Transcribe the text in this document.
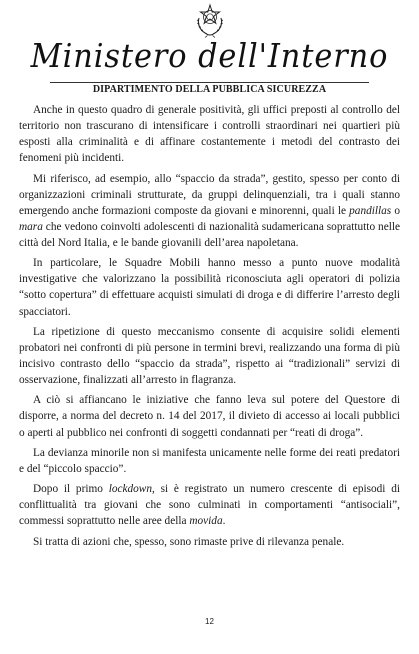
Ministero dell'Interno
DIPARTIMENTO DELLA PUBBLICA SICUREZZA

Anche in questo quadro di generale positività, gli uffici preposti al controllo del territorio non trascurano di intensificare i controlli straordinari nei quartieri più esposti alla criminalità e di affinare costantemente i metodi del contrasto dei fenomeni più incidenti.

Mi riferisco, ad esempio, allo “spaccio da strada”, gestito, spesso per conto di organizzazioni criminali strutturate, da gruppi delinquenziali, tra i quali stanno emergendo anche formazioni composte da giovani e minorenni, quali le pandillas o mara che vedono coinvolti adolescenti di nazionalità sudamericana soprattutto nelle città del Nord Italia, e le bande giovanili dell’area napoletana.

In particolare, le Squadre Mobili hanno messo a punto nuove modalità investigative che valorizzano la possibilità riconosciuta agli operatori di polizia “sotto copertura” di effettuare acquisti simulati di droga e di differire l’arresto degli spacciatori.

La ripetizione di questo meccanismo consente di acquisire solidi elementi probatori nei confronti di più persone in termini brevi, realizzando una forma di più incisivo contrasto dello “spaccio da strada”, rispetto ai “tradizionali” servizi di osservazione, finalizzati all’arresto in flagranza.

A ciò si affiancano le iniziative che fanno leva sul potere del Questore di disporre, a norma del decreto n. 14 del 2017, il divieto di accesso ai locali pubblici o aperti al pubblico nei confronti di soggetti condannati per “reati di droga”.

La devianza minorile non si manifesta unicamente nelle forme dei reati predatori e del “piccolo spaccio”.

Dopo il primo lockdown, si è registrato un numero crescente di episodi di conflittualità tra giovani che sono culminati in comportamenti “antisociali”, commessi soprattutto nelle aree della movida.

Si tratta di azioni che, spesso, sono rimaste prive di rilevanza penale.

12
